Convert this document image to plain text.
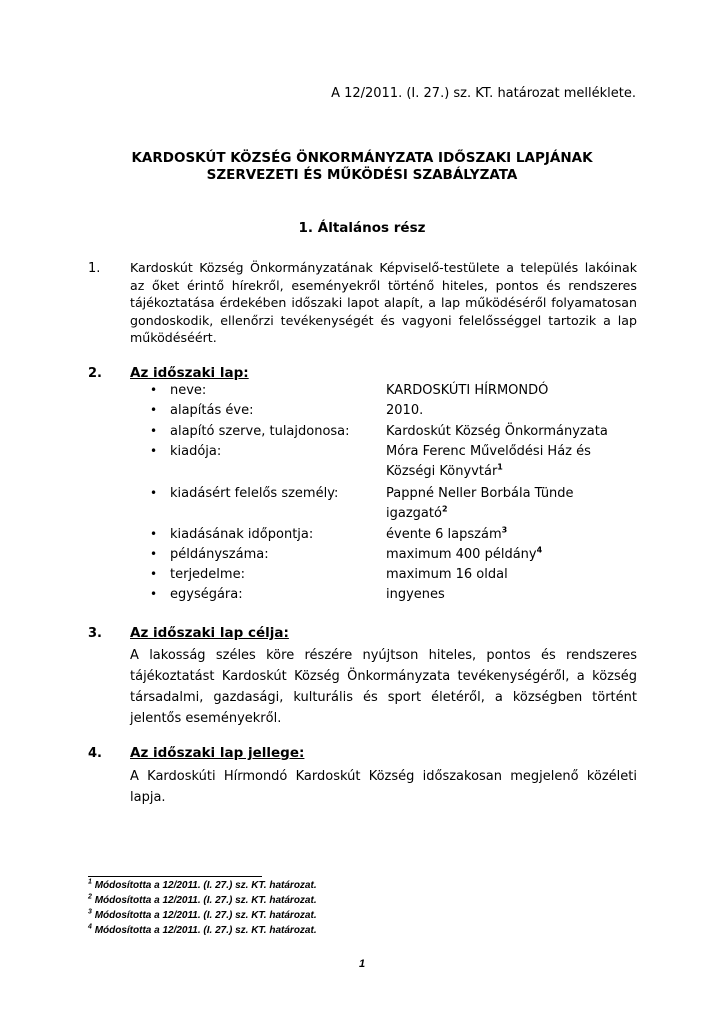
A 12/2011. (I. 27.) sz. KT. határozat melléklete.
KARDOSKÚT KÖZSÉG ÖNKORMÁNYZATA IDŐSZAKI LAPJÁNAK
SZERVEZETI ÉS MŰKÖDÉSI SZABÁLYZATA
1. Általános rész
1. Kardoskút Község Önkormányzatának Képviselő-testülete a település lakóinak az őket érintő hírekről, eseményekről történő hiteles, pontos és rendszeres tájékoztatása érdekében időszaki lapot alapít, a lap működéséről folyamatosan gondoskodik, ellenőrzi tevékenységét és vagyoni felelősséggel tartozik a lap működéséért.
2. Az időszaki lap:
• neve:	KARDOSKÚTI HÍRMONDÓ
• alapítás éve:	2010.
• alapító szerve, tulajdonosa:	Kardoskút Község Önkormányzata
• kiadója:	Móra Ferenc Művelődési Ház és
Községi Könyvtár$^1$
• kiadásért felelős személy:	Pappné Neller Borbála Tünde
igazgató$^2$
• kiadásának időpontja:	évente 6 lapszám$^3$
• példányszáma:	maximum 400 példány$^4$
• terjedelme:	maximum 16 oldal
• egységára:	ingyenes
3. Az időszaki lap célja:
A lakosság széles köre részére nyújtson hiteles, pontos és rendszeres tájékoztatást Kardoskút Község Önkormányzata tevékenységéről, a község társadalmi, gazdasági, kulturális és sport életéről, a községben történt jelentős eseményekről.
4. Az időszaki lap jellege:
A Kardoskúti Hírmondó Kardoskút Község időszakosan megjelenő közéleti lapja.
$^1$ Módosította a 12/2011. (I. 27.) sz. KT. határozat.
$^2$ Módosította a 12/2011. (I. 27.) sz. KT. határozat.
$^3$ Módosította a 12/2011. (I. 27.) sz. KT. határozat.
$^4$ Módosította a 12/2011. (I. 27.) sz. KT. határozat.
1
